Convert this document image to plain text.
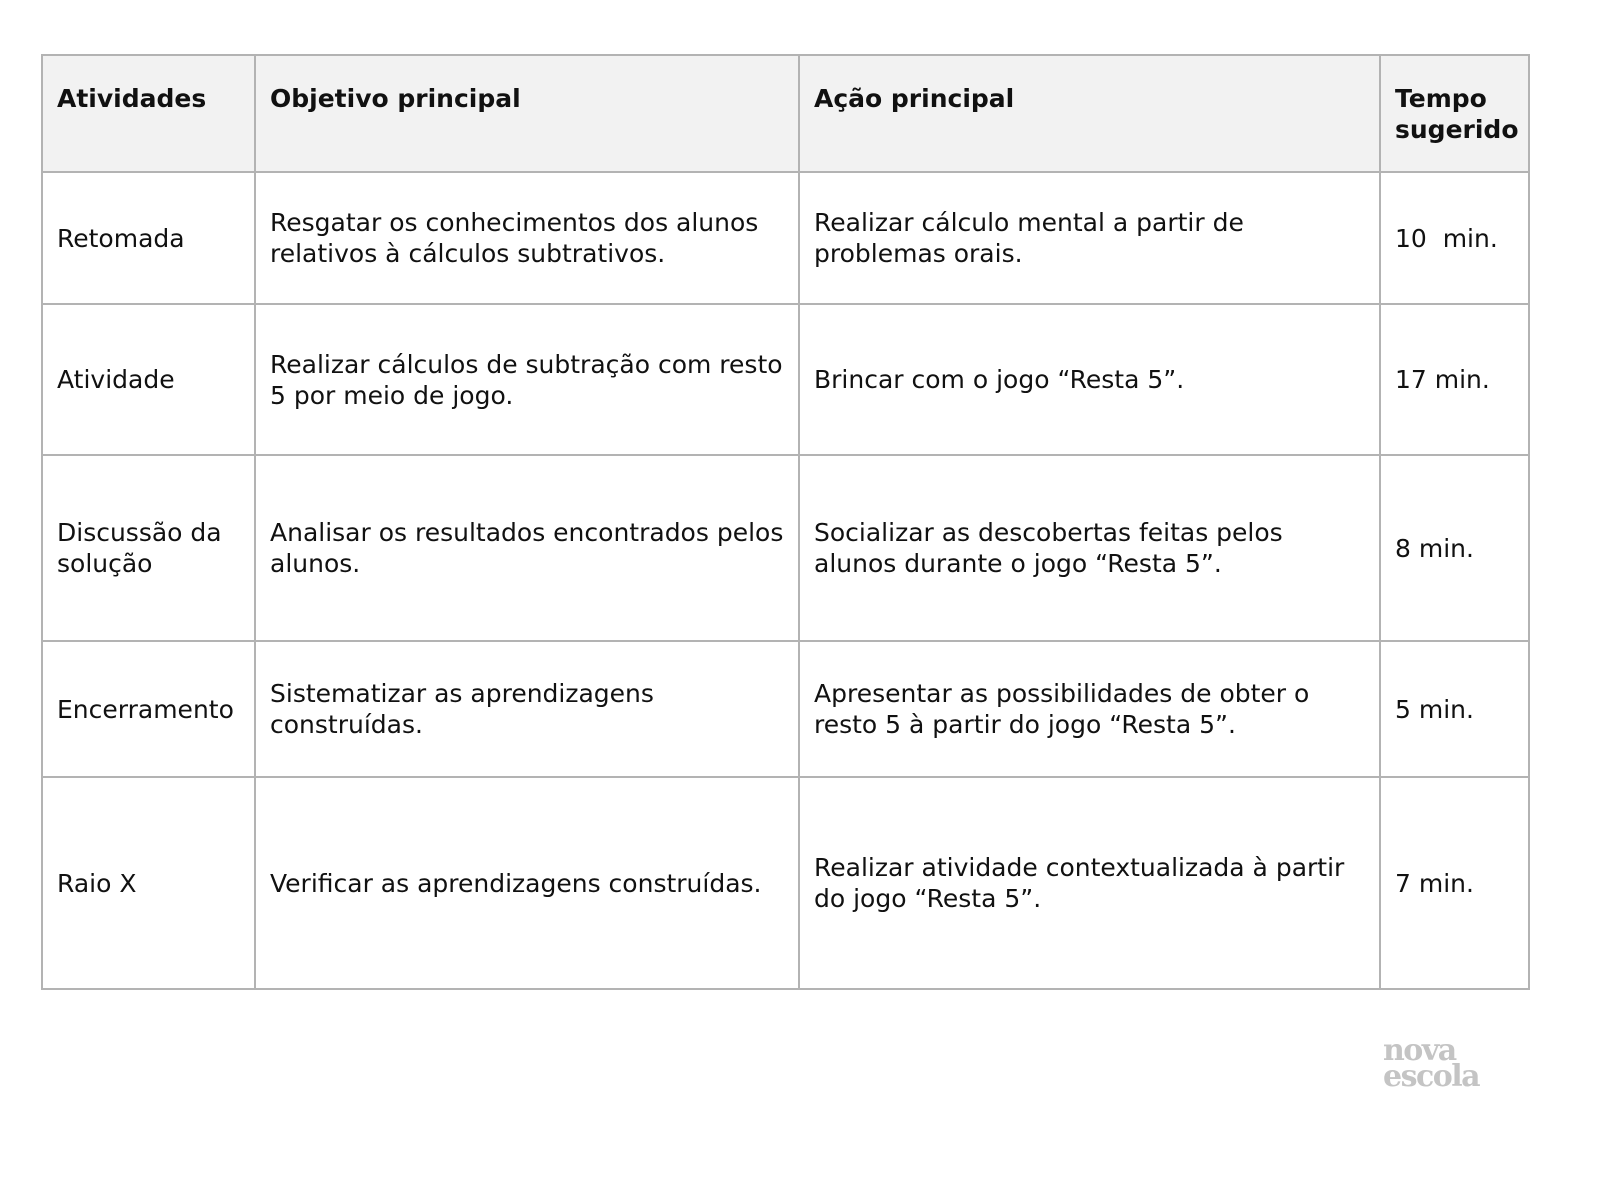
Atividades	Objetivo principal	Ação principal	Tempo sugerido
Retomada	Resgatar os conhecimentos dos alunos relativos à cálculos subtrativos.	Realizar cálculo mental a partir de problemas orais.	10  min.
Atividade	Realizar cálculos de subtração com resto 5 por meio de jogo.	Brincar com o jogo “Resta 5”.	17 min.
Discussão da solução	Analisar os resultados encontrados pelos alunos.	Socializar as descobertas feitas pelos alunos durante o jogo “Resta 5”.	8 min.
Encerramento	Sistematizar as aprendizagens construídas.	Apresentar as possibilidades de obter o resto 5 à partir do jogo “Resta 5”.	5 min.
Raio X	Verificar as aprendizagens construídas.	Realizar atividade contextualizada à partir do jogo “Resta 5”.	7 min.
nova
escola
